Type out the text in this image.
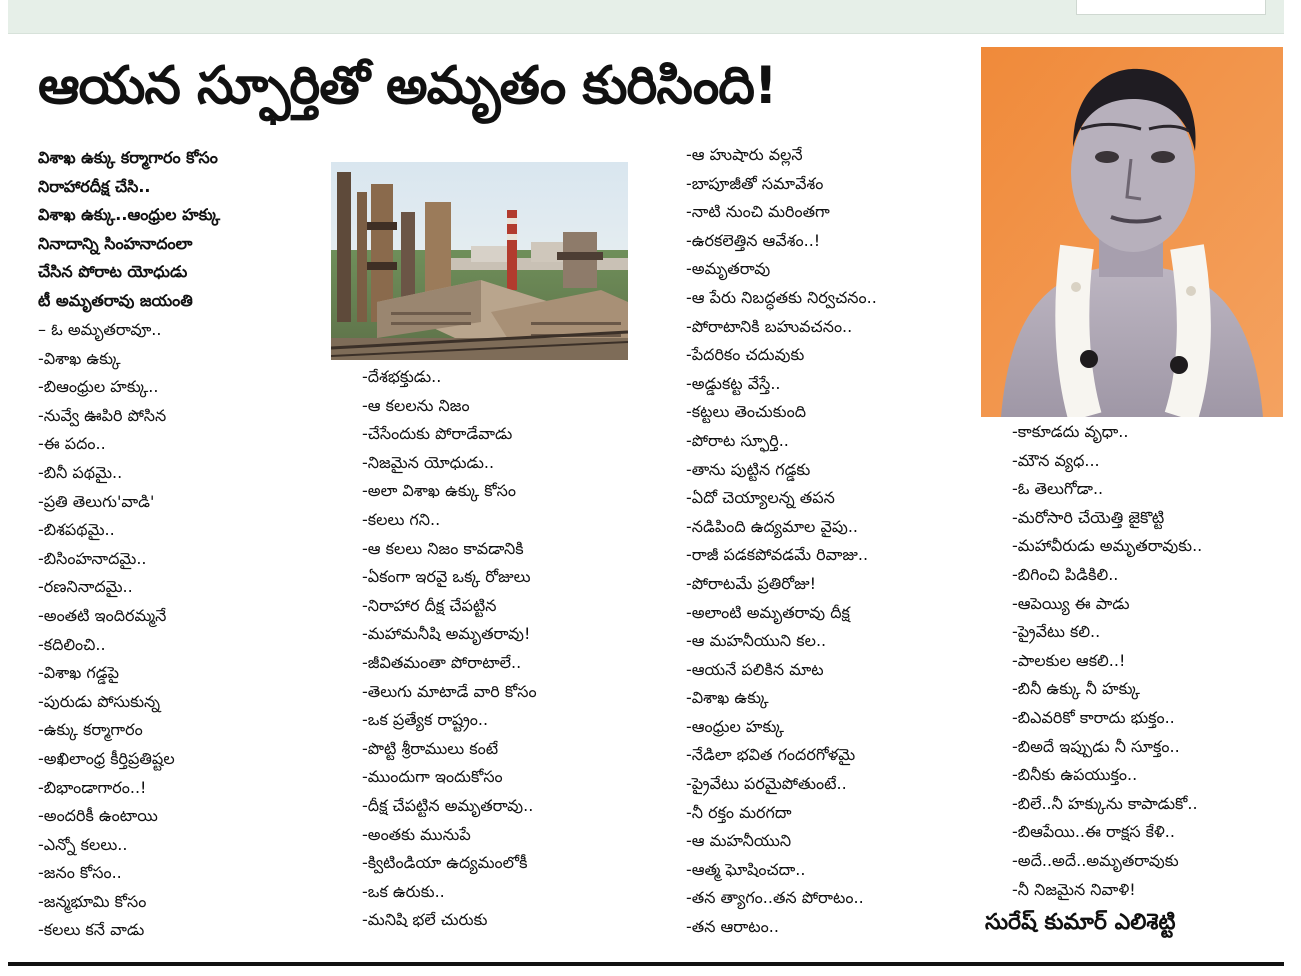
ఆయన స్ఫూర్తితో అమృతం కురిసింది!
విశాఖ ఉక్కు కర్మాగారం కోసం
నిరాహారదీక్ష చేసి..
విశాఖ ఉక్కు..ఆంధ్రుల హక్కు
నినాదాన్ని సింహనాదంలా
చేసిన పోరాట యోధుడు
టీ అమృతరావు జయంతి
– ఓ అమృతరావూ..
-విశాఖ ఉక్కు
-బిఆంధ్రుల హక్కు..
-నువ్వే ఊపిరి పోసిన
-ఈ పదం..
-బినీ పథమై..
-ప్రతి తెలుగు'వాడి'
-బిశపథమై..
-బిసింహనాదమై..
-రణనినాదమై..
-అంతటి ఇందిరమ్మనే
-కదిలించి..
-విశాఖ గడ్డపై
-పురుడు పోసుకున్న
-ఉక్కు కర్మాగారం
-అఖిలాంధ్ర కీర్తిప్రతిష్టల
-బిభాండాగారం..!
-అందరికీ ఉంటాయి
-ఎన్నో కలలు..
-జనం కోసం..
-జన్మభూమి కోసం
-కలలు కనే వాడు
-దేశభక్తుడు..
-ఆ కలలను నిజం
-చేసేందుకు పోరాడేవాడు
-నిజమైన యోధుడు..
-అలా విశాఖ ఉక్కు కోసం
-కలలు గని..
-ఆ కలలు నిజం కావడానికి
-ఏకంగా ఇరవై ఒక్క రోజులు
-నిరాహార దీక్ష చేపట్టిన
-మహామనీషి అమృతరావు!
-జీవితమంతా పోరాటాలే..
-తెలుగు మాటాడే వారి కోసం
-ఒక ప్రత్యేక రాష్ట్రం..
-పొట్టి శ్రీరాములు కంటే
-ముందుగా ఇందుకోసం
-దీక్ష చేపట్టిన అమృతరావు..
-అంతకు మునుపే
-క్విటిండియా ఉద్యమంలోకీ
-ఒక ఉరుకు..
-మనిషి భలే చురుకు
-ఆ హుషారు వల్లనే
-బాపూజీతో సమావేశం
-నాటి నుంచి మరింతగా
-ఉరకలెత్తిన ఆవేశం..!
-అమృతరావు
-ఆ పేరు నిబద్ధతకు నిర్వచనం..
-పోరాటానికి బహువచనం..
-పేదరికం చదువుకు
-అడ్డుకట్ట వేస్తే..
-కట్టలు తెంచుకుంది
-పోరాట స్ఫూర్తి..
-తాను పుట్టిన గడ్డకు
-ఏదో చెయ్యాలన్న తపన
-నడిపింది ఉద్యమాల వైపు..
-రాజీ పడకపోవడమే రివాజు..
-పోరాటమే ప్రతిరోజు!
-అలాంటి అమృతరావు దీక్ష
-ఆ మహనీయుని కల..
-ఆయనే పలికిన మాట
-విశాఖ ఉక్కు
-ఆంధ్రుల హక్కు
-నేడిలా భవిత గందరగోళమై
-ప్రైవేటు పరమైపోతుంటే..
-నీ రక్తం మరగదా
-ఆ మహనీయుని
-ఆత్మ ఘోషించదా..
-తన త్యాగం..తన పోరాటం..
-తన ఆరాటం..
-కాకూడదు వృధా..
-మౌన వ్యధ...
-ఓ తెలుగోడా..
-మరోసారి చేయెత్తి జైకొట్టి
-మహావీరుడు అమృతరావుకు..
-బిగించి పిడికిలి..
-ఆపెయ్యి ఈ పాడు
-ప్రైవేటు కలి..
-పాలకుల ఆకలి..!
-బినీ ఉక్కు నీ హక్కు
-బిఎవరికో కారాదు భుక్తం..
-బిఅదే ఇప్పుడు నీ సూక్తం..
-బినీకు ఉపయుక్తం..
-బిలే..నీ హక్కును కాపాడుకో..
-బిఆపేయి..ఈ రాక్షస కేళి..
-అదే..అదే..అమృతరావుకు
-నీ నిజమైన నివాళి!
సురేష్ కుమార్ ఎలిశెట్టి
